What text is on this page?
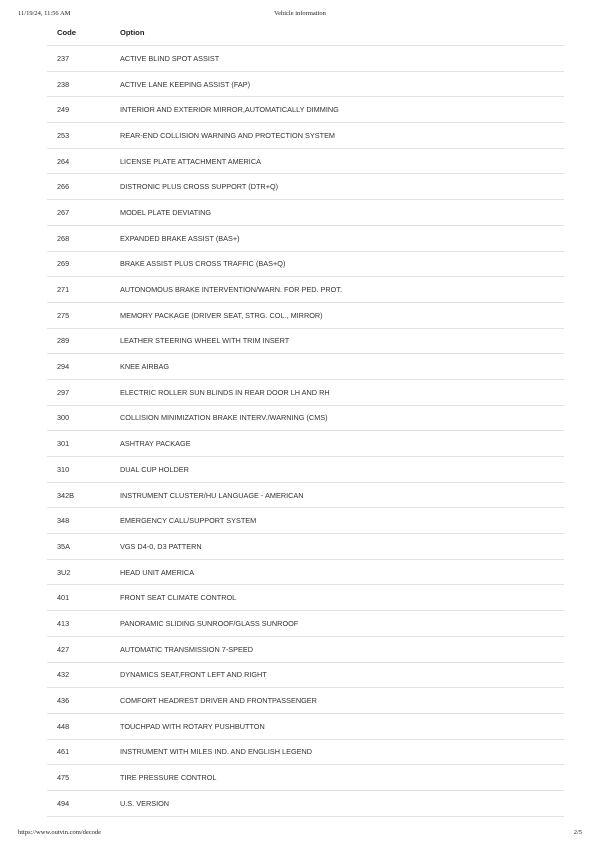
11/19/24, 11:56 AM	Vehicle information
Code	Option
237	ACTIVE BLIND SPOT ASSIST
238	ACTIVE LANE KEEPING ASSIST (FAP)
249	INTERIOR AND EXTERIOR MIRROR,AUTOMATICALLY DIMMING
253	REAR-END COLLISION WARNING AND PROTECTION SYSTEM
264	LICENSE PLATE ATTACHMENT AMERICA
266	DISTRONIC PLUS CROSS SUPPORT (DTR+Q)
267	MODEL PLATE DEVIATING
268	EXPANDED BRAKE ASSIST (BAS+)
269	BRAKE ASSIST PLUS CROSS TRAFFIC (BAS+Q)
271	AUTONOMOUS BRAKE INTERVENTION/WARN. FOR PED. PROT.
275	MEMORY PACKAGE (DRIVER SEAT, STRG. COL., MIRROR)
289	LEATHER STEERING WHEEL WITH TRIM INSERT
294	KNEE AIRBAG
297	ELECTRIC ROLLER SUN BLINDS IN REAR DOOR LH AND RH
300	COLLISION MINIMIZATION BRAKE INTERV./WARNING (CMS)
301	ASHTRAY PACKAGE
310	DUAL CUP HOLDER
342B	INSTRUMENT CLUSTER/HU LANGUAGE - AMERICAN
348	EMERGENCY CALL/SUPPORT SYSTEM
35A	VGS D4-0, D3 PATTERN
3U2	HEAD UNIT AMERICA
401	FRONT SEAT CLIMATE CONTROL
413	PANORAMIC SLIDING SUNROOF/GLASS SUNROOF
427	AUTOMATIC TRANSMISSION 7-SPEED
432	DYNAMICS SEAT,FRONT LEFT AND RIGHT
436	COMFORT HEADREST DRIVER AND FRONTPASSENGER
448	TOUCHPAD WITH ROTARY PUSHBUTTON
461	INSTRUMENT WITH MILES IND. AND ENGLISH LEGEND
475	TIRE PRESSURE CONTROL
494	U.S. VERSION
https://www.outvin.com/decode	2/5
